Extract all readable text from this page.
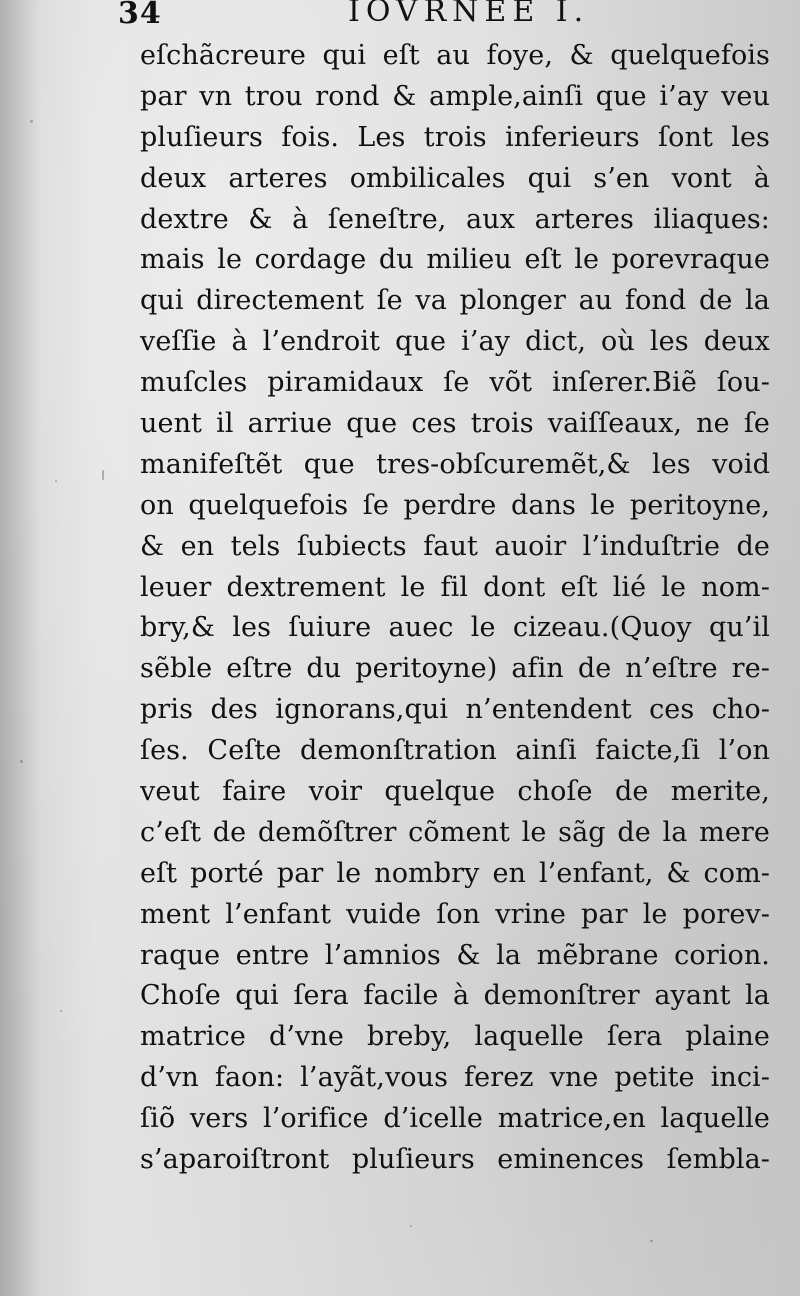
34	IOVRNEE I.
eſchãcreure qui eſt au foye, & quelquefois
par vn trou rond & ample,ainſi que i’ay veu
pluſieurs fois. Les trois inferieurs ſont les
deux arteres ombilicales qui s’en vont à
dextre & à ſeneſtre, aux arteres iliaques:
mais le cordage du milieu eſt le porevraque
qui directement ſe va plonger au fond de la
veſſie à l’endroit que i’ay dict, où les deux
muſcles piramidaux ſe võt inſerer.Biẽ ſou-
uent il arriue que ces trois vaiſſeaux, ne ſe
manifeſtẽt que tres-obſcuremẽt,& les void
on quelquefois ſe perdre dans le peritoyne,
& en tels ſubiects faut auoir l’induſtrie de
leuer dextrement le fil dont eſt lié le nom-
bry,& les ſuiure auec le cizeau.(Quoy qu’il
sẽble eſtre du peritoyne) afin de n’eſtre re-
pris des ignorans,qui n’entendent ces cho-
ſes. Ceſte demonſtration ainſi faicte,ſi l’on
veut faire voir quelque choſe de merite,
c’eſt de demõſtrer cõment le sãg de la mere
eſt porté par le nombry en l’enfant, & com-
ment l’enfant vuide ſon vrine par le porev-
raque entre l’amnios & la mẽbrane corion.
Choſe qui ſera facile à demonſtrer ayant la
matrice d’vne breby, laquelle ſera plaine
d’vn faon: l’ayãt,vous ferez vne petite inci-
ſiõ vers l’orifice d’icelle matrice,en laquelle
s’aparoiſtront pluſieurs eminences ſembla-
